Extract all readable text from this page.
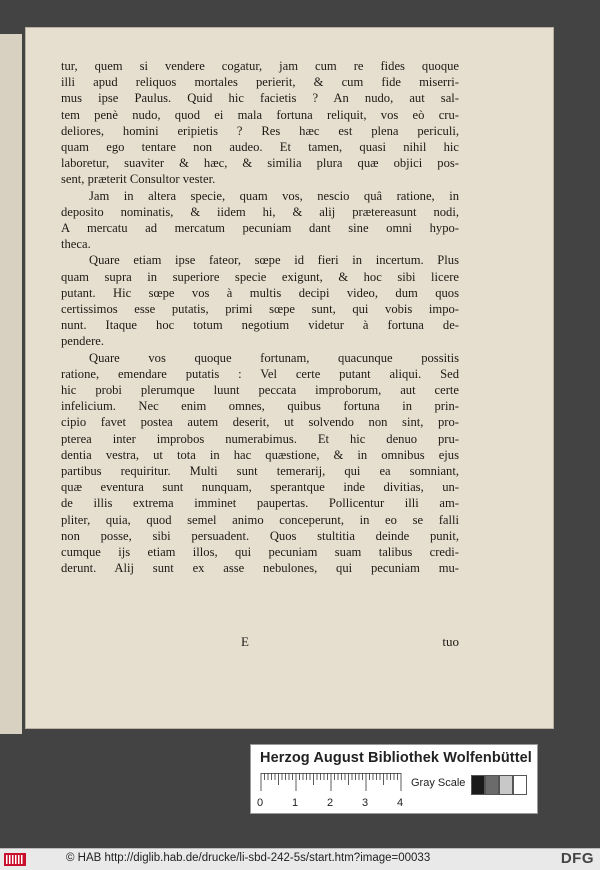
tur, quem si vendere cogatur, jam cum re fides quoque
illi apud reliquos mortales perierit, & cum fide miserri-
mus ipse Paulus. Quid hic facietis ? An nudo, aut sal-
tem penè nudo, quod ei mala fortuna reliquit, vos eò cru-
deliores, homini eripietis ? Res hæc est plena periculi,
quam ego tentare non audeo. Et tamen, quasi nihil hic
laboretur, suaviter & hæc, & similia plura quæ objici pos-
sent, præterit Consultor vester.
Jam in altera specie, quam vos, nescio quâ ratione, in
deposito nominatis, & iidem hi, & alij prætereasunt nodi,
A mercatu ad mercatum pecuniam dant sine omni hypo-
theca.
Quare etiam ipse fateor, sœpe id fieri in incertum. Plus
quam supra in superiore specie exigunt, & hoc sibi licere
putant. Hic sœpe vos à multis decipi video, dum quos
certissimos esse putatis, primi sœpe sunt, qui vobis impo-
nunt. Itaque hoc totum negotium videtur à fortuna de-
pendere.
Quare vos quoque fortunam, quacunque possitis
ratione, emendare putatis : Vel certe putant aliqui. Sed
hic probi plerumque luunt peccata improborum, aut certe
infelicium. Nec enim omnes, quibus fortuna in prin-
cipio favet postea autem deserit, ut solvendo non sint, pro-
pterea inter improbos numerabimus. Et hic denuo pru-
dentia vestra, ut tota in hac quæstione, & in omnibus ejus
partibus requiritur. Multi sunt temerarij, qui ea somniant,
quæ eventura sunt nunquam, sperantque inde divitias, un-
de illis extrema imminet paupertas. Pollicentur illi am-
pliter, quia, quod semel animo conceperunt, in eo se falli
non posse, sibi persuadent. Quos stultitia deinde punit,
cumque ijs etiam illos, qui pecuniam suam talibus credi-
derunt. Alij sunt ex asse nebulones, qui pecuniam mu-
E	tuo
Herzog August Bibliothek Wolfenbüttel
0	1	2	3	4
Gray Scale
© HAB http://diglib.hab.de/drucke/li-sbd-242-5s/start.htm?image=00033	DFG
